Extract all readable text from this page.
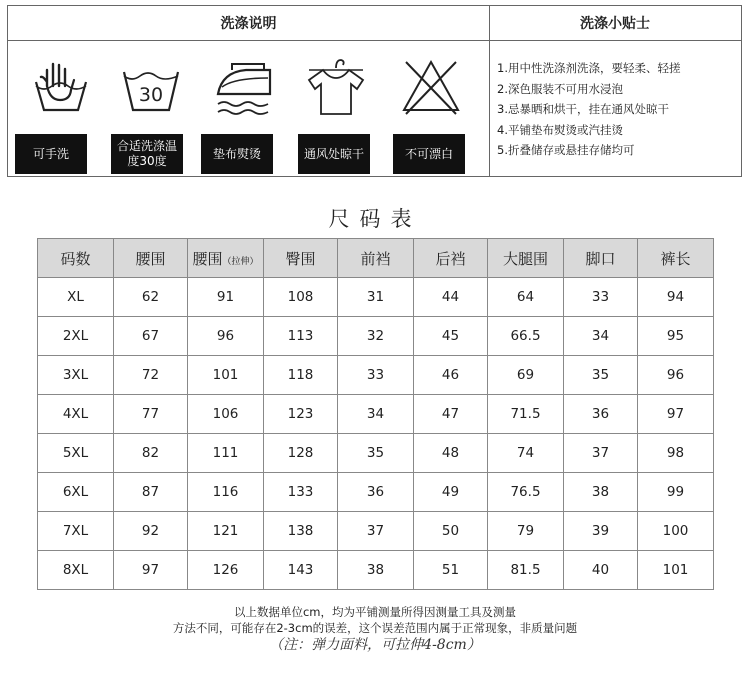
洗涤说明
30
可手洗
合适洗涤温度30度	垫布熨烫	通风处晾干	不可漂白
洗涤小贴士
1.用中性洗涤剂洗涤，要轻柔、轻搓
2.深色服装不可用水浸泡
3.忌暴晒和烘干，挂在通风处晾干
4.平铺垫布熨烫或汽挂烫
5.折叠储存或悬挂存储均可
尺码表
码数	腰围	腰围（拉伸）	臀围	前裆	后裆	大腿围	脚口	裤长
XL	62	91	108	31	44	64	33	94
2XL	67	96	113	32	45	66.5	34	95
3XL	72	101	118	33	46	69	35	96
4XL	77	106	123	34	47	71.5	36	97
5XL	82	111	128	35	48	74	37	98
6XL	87	116	133	36	49	76.5	38	99
7XL	92	121	138	37	50	79	39	100
8XL	97	126	143	38	51	81.5	40	101
以上数据单位cm，均为平铺测量所得因测量工具及测量
方法不同，可能存在2-3cm的误差，这个误差范围内属于正常现象，非质量问题
（注：弹力面料，可拉伸4-8cm）
